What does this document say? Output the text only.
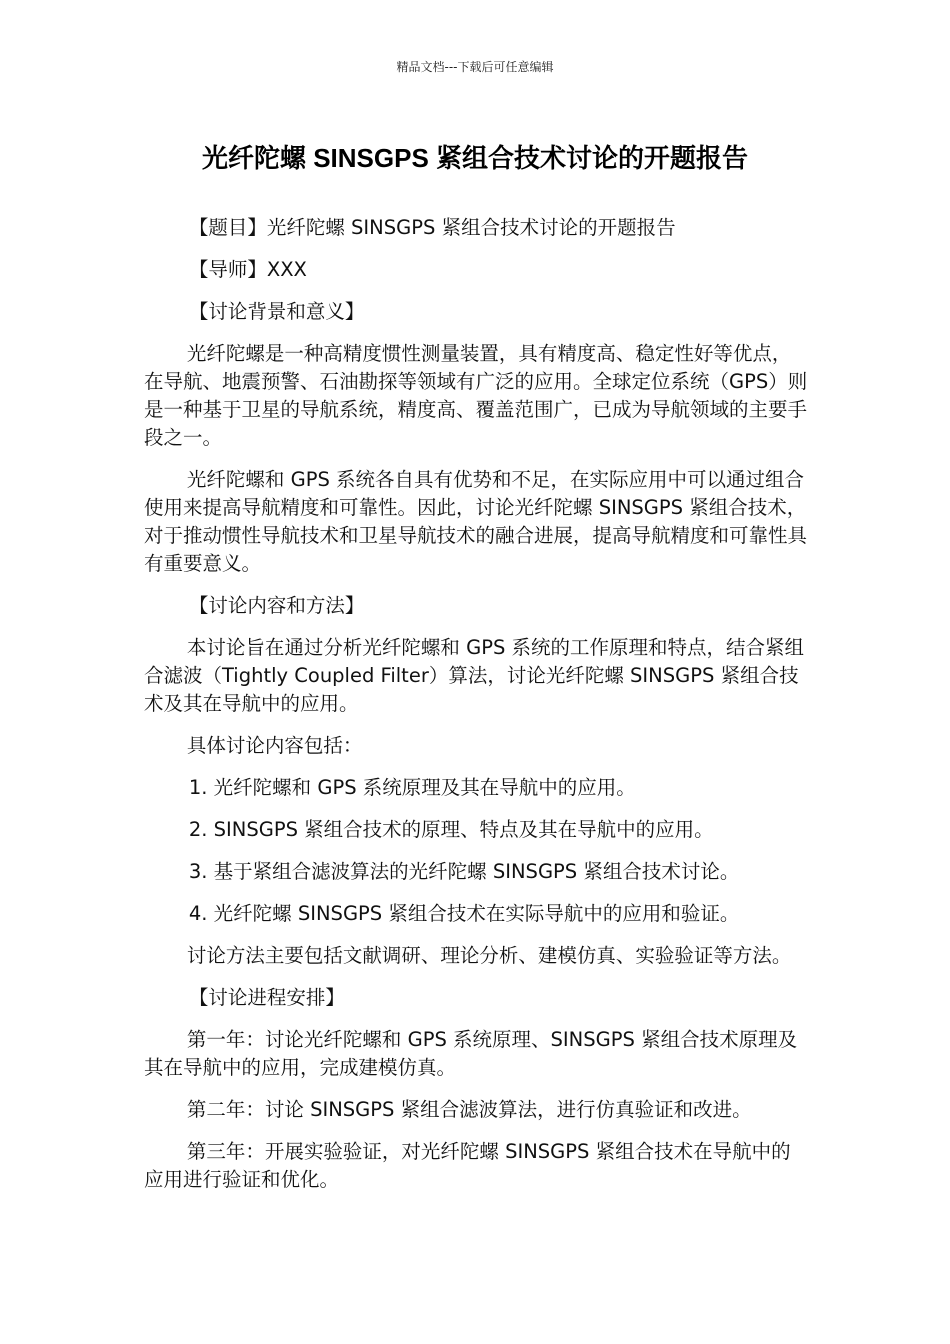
精品文档---下载后可任意编辑
光纤陀螺 SINSGPS 紧组合技术讨论的开题报告

【题目】光纤陀螺 SINSGPS 紧组合技术讨论的开题报告

【导师】XXX

【讨论背景和意义】

光纤陀螺是一种高精度惯性测量装置，具有精度高、稳定性好等优点，在导航、地震预警、石油勘探等领域有广泛的应用。全球定位系统（GPS）则是一种基于卫星的导航系统，精度高、覆盖范围广，已成为导航领域的主要手段之一。

光纤陀螺和 GPS 系统各自具有优势和不足，在实际应用中可以通过组合使用来提高导航精度和可靠性。因此，讨论光纤陀螺 SINSGPS 紧组合技术，对于推动惯性导航技术和卫星导航技术的融合进展，提高导航精度和可靠性具有重要意义。

【讨论内容和方法】

本讨论旨在通过分析光纤陀螺和 GPS 系统的工作原理和特点，结合紧组合滤波（Tightly Coupled Filter）算法，讨论光纤陀螺 SINSGPS 紧组合技术及其在导航中的应用。

具体讨论内容包括：

1. 光纤陀螺和 GPS 系统原理及其在导航中的应用。

2. SINSGPS 紧组合技术的原理、特点及其在导航中的应用。

3. 基于紧组合滤波算法的光纤陀螺 SINSGPS 紧组合技术讨论。

4. 光纤陀螺 SINSGPS 紧组合技术在实际导航中的应用和验证。

讨论方法主要包括文献调研、理论分析、建模仿真、实验验证等方法。

【讨论进程安排】

第一年：讨论光纤陀螺和 GPS 系统原理、SINSGPS 紧组合技术原理及其在导航中的应用，完成建模仿真。

第二年：讨论 SINSGPS 紧组合滤波算法，进行仿真验证和改进。

第三年：开展实验验证，对光纤陀螺 SINSGPS 紧组合技术在导航中的应用进行验证和优化。
